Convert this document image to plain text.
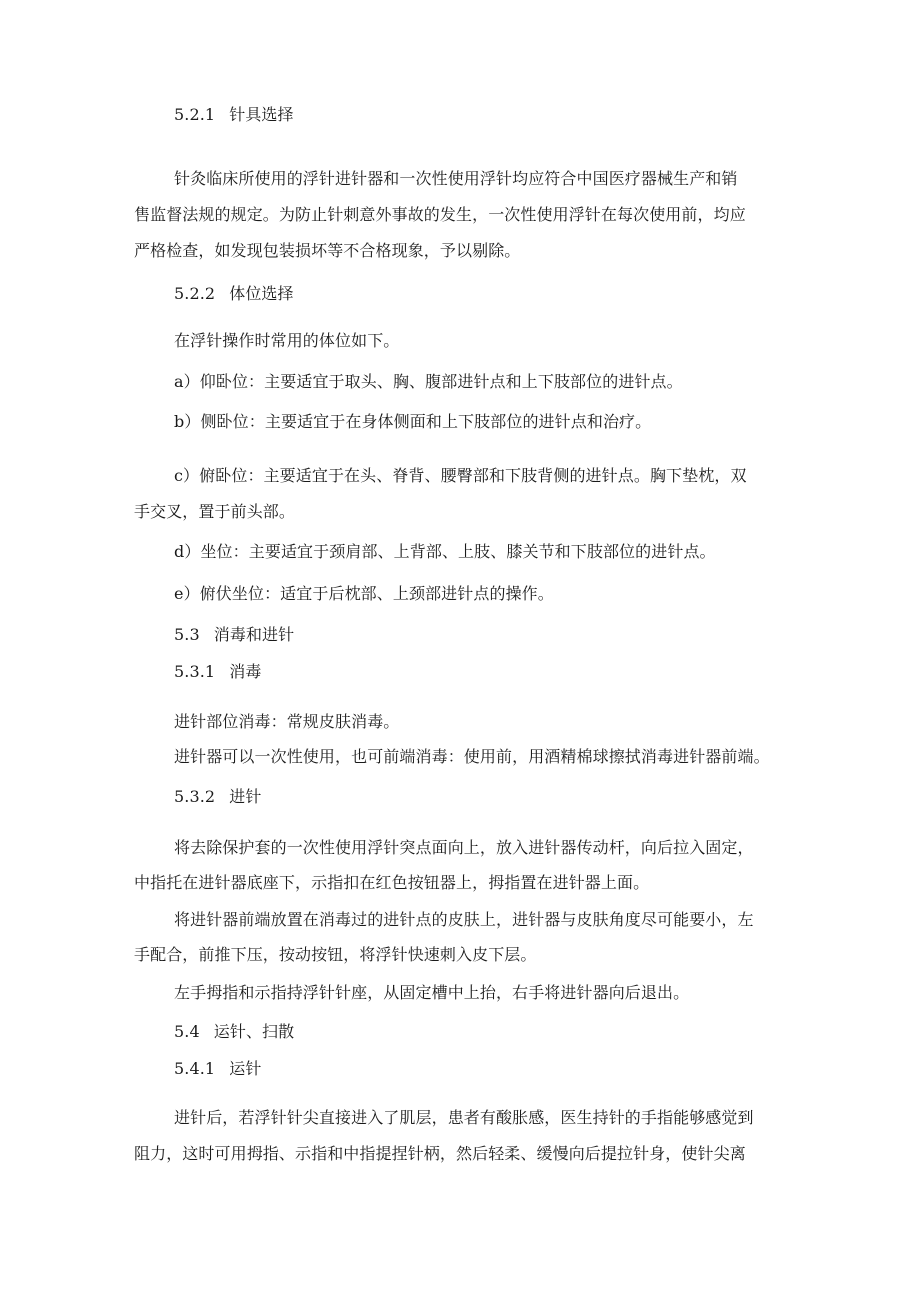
5.2.1 针具选择
针灸临床所使用的浮针进针器和一次性使用浮针均应符合中国医疗器械生产和销
售监督法规的规定。为防止针刺意外事故的发生，一次性使用浮针在每次使用前，均应
严格检查，如发现包装损坏等不合格现象，予以剔除。
5.2.2 体位选择
在浮针操作时常用的体位如下。
a）仰卧位：主要适宜于取头、胸、腹部进针点和上下肢部位的进针点。
b）侧卧位：主要适宜于在身体侧面和上下肢部位的进针点和治疗。
c）俯卧位：主要适宜于在头、脊背、腰臀部和下肢背侧的进针点。胸下垫枕，双
手交叉，置于前头部。
d）坐位：主要适宜于颈肩部、上背部、上肢、膝关节和下肢部位的进针点。
e）俯伏坐位：适宜于后枕部、上颈部进针点的操作。
5.3 消毒和进针
5.3.1 消毒
进针部位消毒：常规皮肤消毒。
进针器可以一次性使用，也可前端消毒：使用前，用酒精棉球擦拭消毒进针器前端。
5.3.2 进针
将去除保护套的一次性使用浮针突点面向上，放入进针器传动杆，向后拉入固定，
中指托在进针器底座下，示指扣在红色按钮器上，拇指置在进针器上面。
将进针器前端放置在消毒过的进针点的皮肤上，进针器与皮肤角度尽可能要小，左
手配合，前推下压，按动按钮，将浮针快速刺入皮下层。
左手拇指和示指持浮针针座，从固定槽中上抬，右手将进针器向后退出。
5.4 运针、扫散
5.4.1 运针
进针后，若浮针针尖直接进入了肌层，患者有酸胀感，医生持针的手指能够感觉到
阻力，这时可用拇指、示指和中指提捏针柄，然后轻柔、缓慢向后提拉针身，使针尖离
